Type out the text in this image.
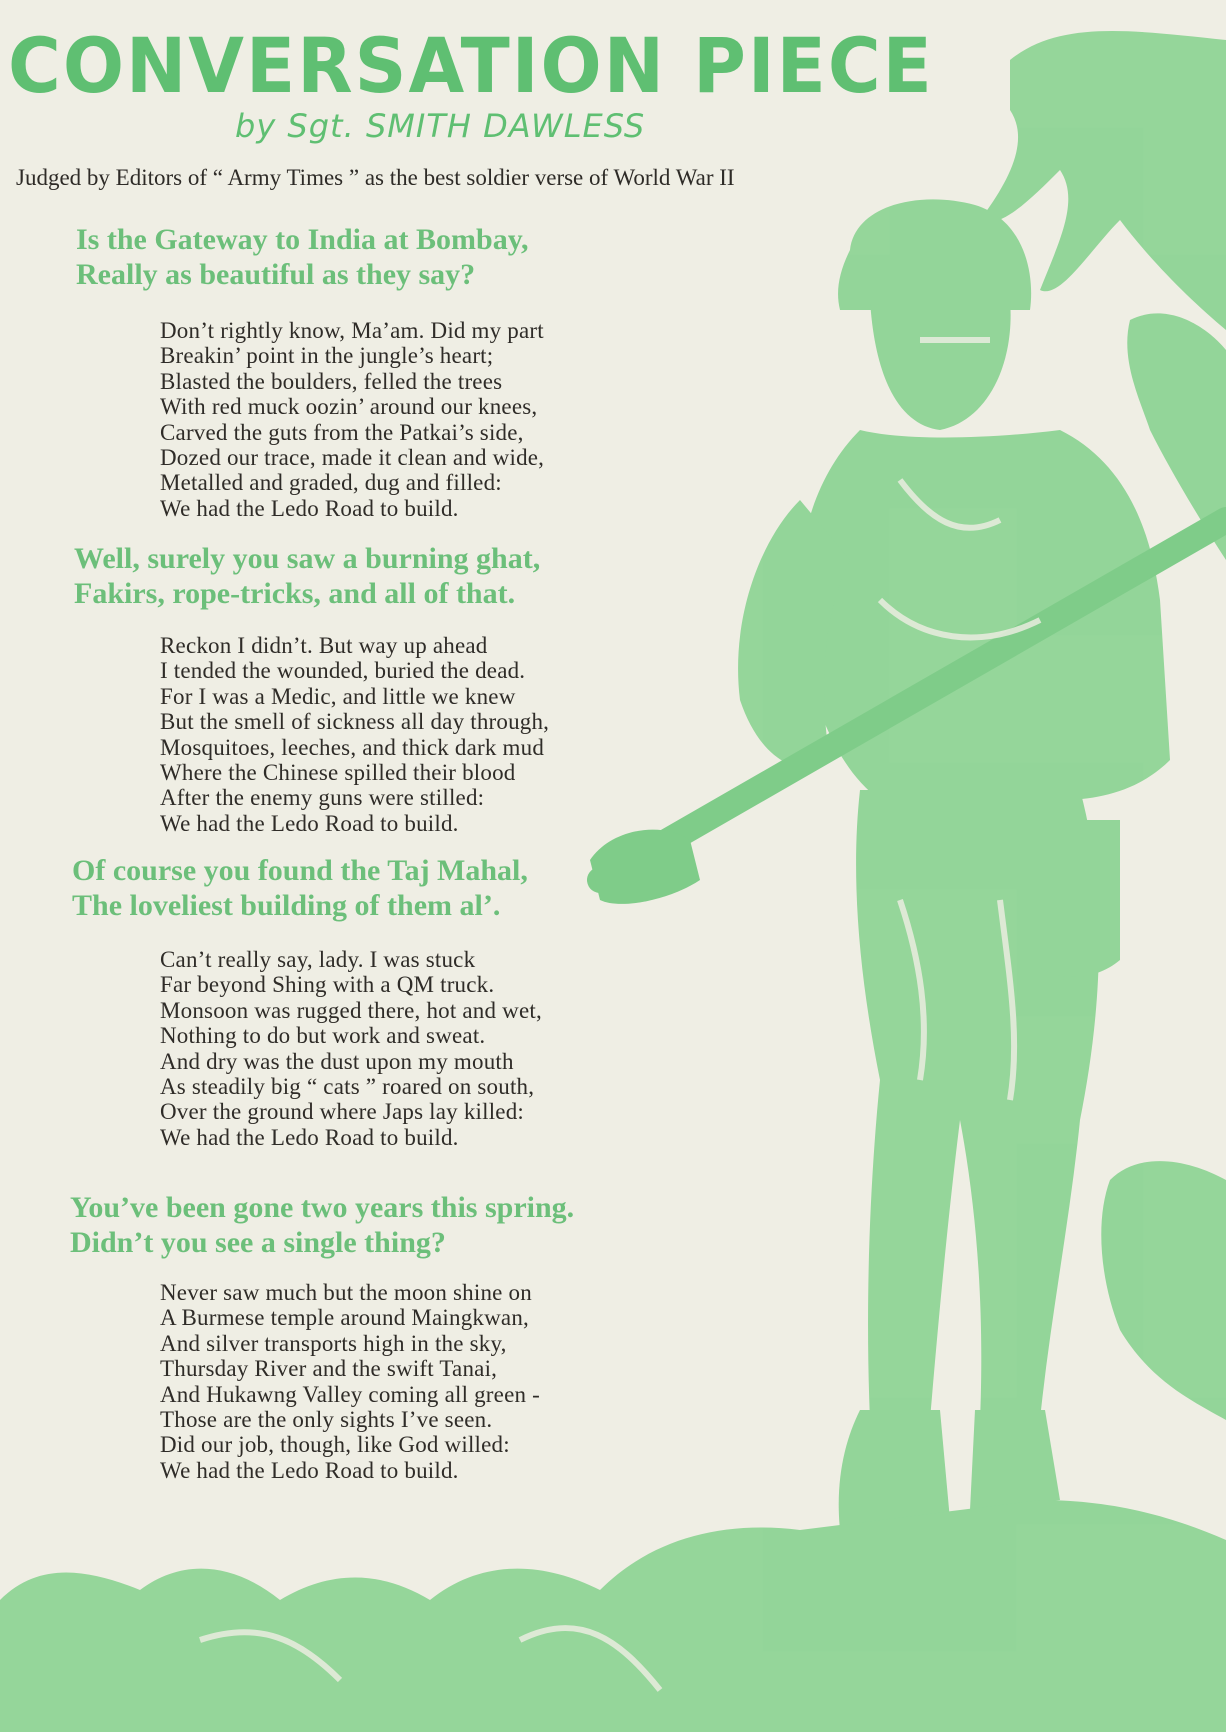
CONVERSATION PIECE
by Sgt. SMITH DAWLESS
Judged by Editors of “ Army Times ” as the best soldier verse of World War II
Is the Gateway to India at Bombay,
Really as beautiful as they say?
Don’t rightly know, Ma’am. Did my part
Breakin’ point in the jungle’s heart;
Blasted the boulders, felled the trees
With red muck oozin’ around our knees,
Carved the guts from the Patkai’s side,
Dozed our trace, made it clean and wide,
Metalled and graded, dug and filled:
We had the Ledo Road to build.
Well, surely you saw a burning ghat,
Fakirs, rope-tricks, and all of that.
Reckon I didn’t. But way up ahead
I tended the wounded, buried the dead.
For I was a Medic, and little we knew
But the smell of sickness all day through,
Mosquitoes, leeches, and thick dark mud
Where the Chinese spilled their blood
After the enemy guns were stilled:
We had the Ledo Road to build.
Of course you found the Taj Mahal,
The loveliest building of them al’.
Can’t really say, lady. I was stuck
Far beyond Shing with a QM truck.
Monsoon was rugged there, hot and wet,
Nothing to do but work and sweat.
And dry was the dust upon my mouth
As steadily big “ cats ” roared on south,
Over the ground where Japs lay killed:
We had the Ledo Road to build.
You’ve been gone two years this spring.
Didn’t you see a single thing?
Never saw much but the moon shine on
A Burmese temple around Maingkwan,
And silver transports high in the sky,
Thursday River and the swift Tanai,
And Hukawng Valley coming all green -
Those are the only sights I’ve seen.
Did our job, though, like God willed:
We had the Ledo Road to build.
